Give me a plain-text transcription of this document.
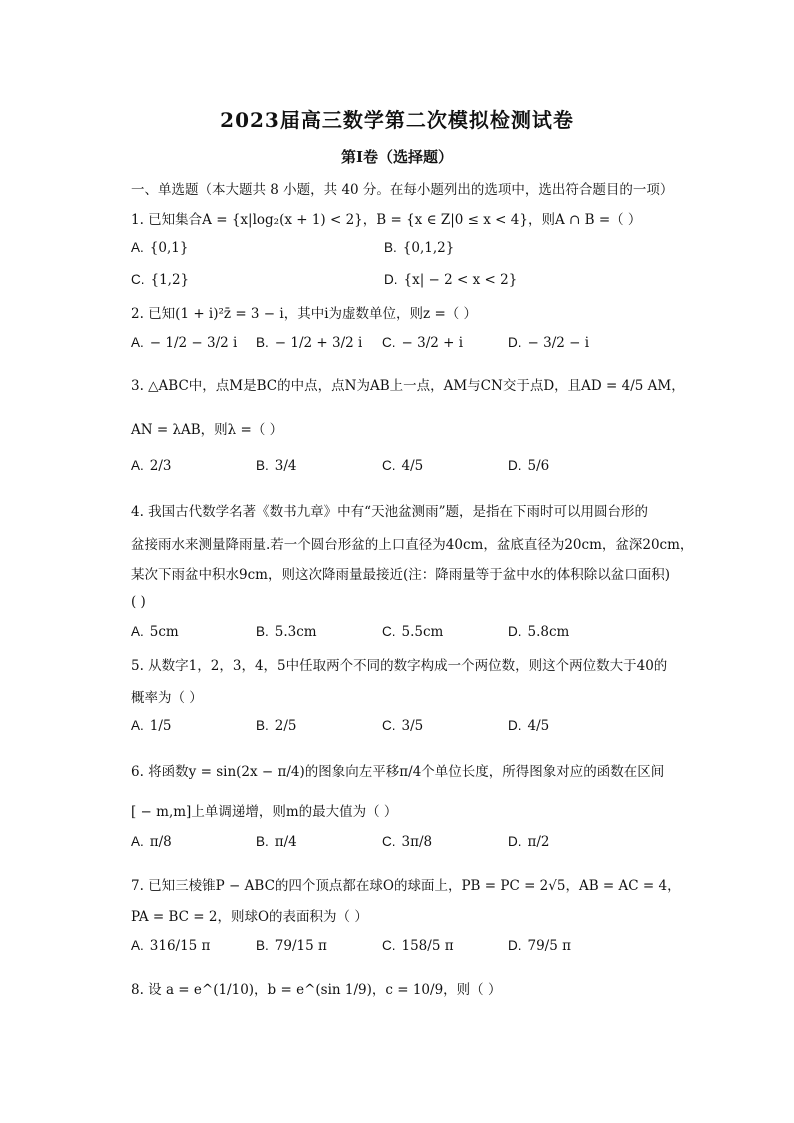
2023届高三数学第二次模拟检测试卷
第I卷（选择题）
一、单选题（本大题共 8 小题，共 40 分。在每小题列出的选项中，选出符合题目的一项）
1. 已知集合A = {x|log₂(x + 1) < 2}，B = {x ∈ Z|0 ≤ x < 4}，则A ∩ B =（ ）
A. {0,1}	B. {0,1,2}
C. {1,2}	D. {x| − 2 < x < 2}
2. 已知(1 + i)²z̄ = 3 − i，其中i为虚数单位，则z =（ ）
A. − 1/2 − 3/2 i B. − 1/2 + 3/2 i C. − 3/2 + i	D. − 3/2 − i
3. △ABC中，点M是BC的中点，点N为AB上一点，AM与CN交于点D，且AD = 4/5 AM，
AN = λAB，则λ =（ ）
A. 2/3	B. 3/4	C. 4/5	D. 5/6
4. 我国古代数学名著《数书九章》中有“天池盆测雨”题，是指在下雨时可以用圆台形的
盆接雨水来测量降雨量.若一个圆台形盆的上口直径为40cm，盆底直径为20cm，盆深20cm，
某次下雨盆中积水9cm，则这次降雨量最接近(注：降雨量等于盆中水的体积除以盆口面积)
( )
A. 5cm	B. 5.3cm	C. 5.5cm	D. 5.8cm
5. 从数字1，2，3，4，5中任取两个不同的数字构成一个两位数，则这个两位数大于40的
概率为（ ）
A. 1/5	B. 2/5	C. 3/5	D. 4/5
6. 将函数y = sin(2x − π/4)的图象向左平移π/4个单位长度，所得图象对应的函数在区间
[ − m,m]上单调递增，则m的最大值为（ ）
A. π/8	B. π/4	C. 3π/8	D. π/2
7. 已知三棱锥P − ABC的四个顶点都在球O的球面上，PB = PC = 2√5，AB = AC = 4，
PA = BC = 2，则球O的表面积为（ ）
A. 316/15 π	B. 79/15 π	C. 158/5 π	D. 79/5 π
8. 设 a = e^(1/10)，b = e^(sin 1/9)，c = 10/9，则（ ）
